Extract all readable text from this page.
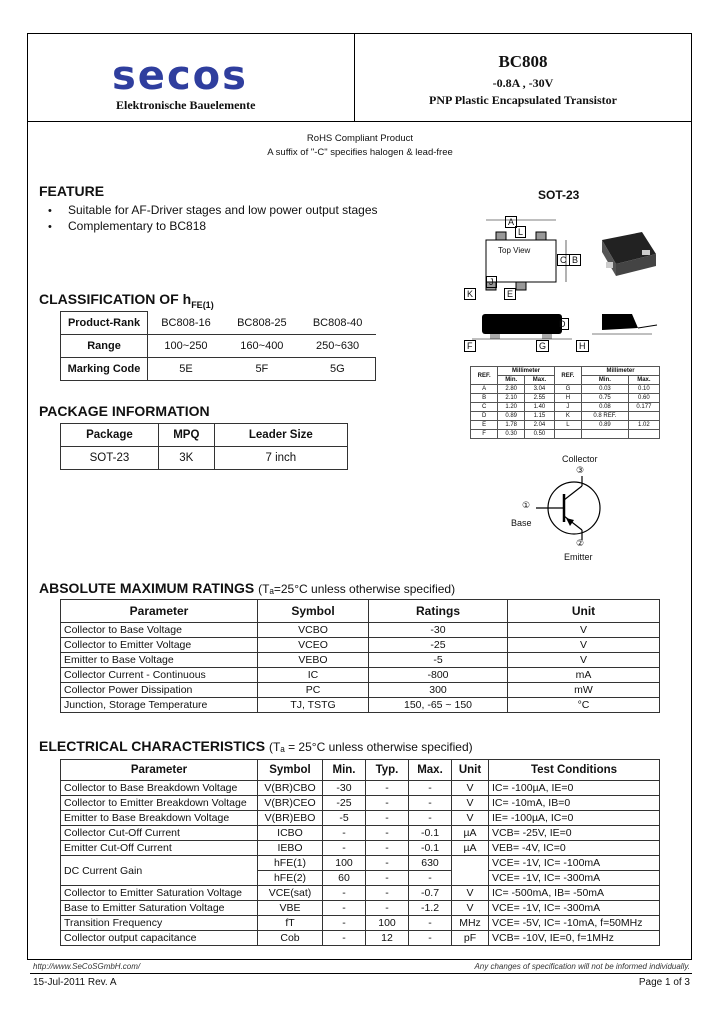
secos
Elektronische Bauelemente
BC808
-0.8A , -30V
PNP Plastic Encapsulated Transistor
RoHS Compliant Product
A suffix of "-C" specifies halogen & lead-free
FEATURE
• Suitable for AF-Driver stages and low power output stages
• Complementary to BC818
CLASSIFICATION OF $h_{FE(1)}$
Product-Rank	BC808-16	BC808-25	BC808-40
Range	100~250	160~400	250~630
Marking Code	5E	5F	5G
PACKAGE INFORMATION
Package	MPQ	Leader Size
SOT-23	3K	7 inch
SOT-23
Top View
A
L
B
C
K
J
E
D
F	G	H
REF.	Millimeter		REF.	Millimeter	
	Min.	Max.		Min.	Max.
A	2.80	3.04	G	0.03	0.10
B	2.10	2.55	H	0.75	0.60
C	1.20	1.40	J	0.08	0.177
D	0.89	1.15	K	0.8 REF.	
E	1.78	2.04	L	0.89	1.02
F	0.30	0.50			
Collector
③
Base
①
②
Emitter
ABSOLUTE MAXIMUM RATINGS (Tₐ=25°C unless otherwise specified)
Parameter	Symbol	Ratings	Unit
Collector to Base Voltage	VCBO	-30	V
Collector to Emitter Voltage	VCEO	-25	V
Emitter to Base Voltage	VEBO	-5	V
Collector Current - Continuous	IC	-800	mA
Collector Power Dissipation	PC	300	mW
Junction, Storage Temperature	TJ, TSTG	150, -65 ~ 150	°C
ELECTRICAL CHARACTERISTICS (Tₐ = 25°C unless otherwise specified)
Parameter	Symbol	Min.	Typ.	Max.	Unit	Test Conditions
Collector to Base Breakdown Voltage	V(BR)CBO	-30	-	-	V	IC= -100µA, IE=0
Collector to Emitter Breakdown Voltage	V(BR)CEO	-25	-	-	V	IC= -10mA, IB=0
Emitter to Base Breakdown Voltage	V(BR)EBO	-5	-	-	V	IE= -100µA, IC=0
Collector Cut-Off Current	ICBO	-	-	-0.1	µA	VCB= -25V, IE=0
Emitter Cut-Off Current	IEBO	-	-	-0.1	µA	VEB= -4V, IC=0
DC Current Gain	hFE(1)	100	-	630		VCE= -1V, IC= -100mA
	hFE(2)	60	-	-		VCE= -1V, IC= -300mA
Collector to Emitter Saturation Voltage	VCE(sat)	-	-	-0.7	V	IC= -500mA, IB= -50mA
Base to Emitter Saturation Voltage	VBE	-	-	-1.2	V	VCE= -1V, IC= -300mA
Transition Frequency	fT	-	100	-	MHz	VCE= -5V, IC= -10mA, f=50MHz
Collector output capacitance	Cob	-	12	-	pF	VCB= -10V, IE=0, f=1MHz
http://www.SeCoSGmbH.com/	Any changes of specification will not be informed individually.
15-Jul-2011 Rev. A	Page 1 of 3
